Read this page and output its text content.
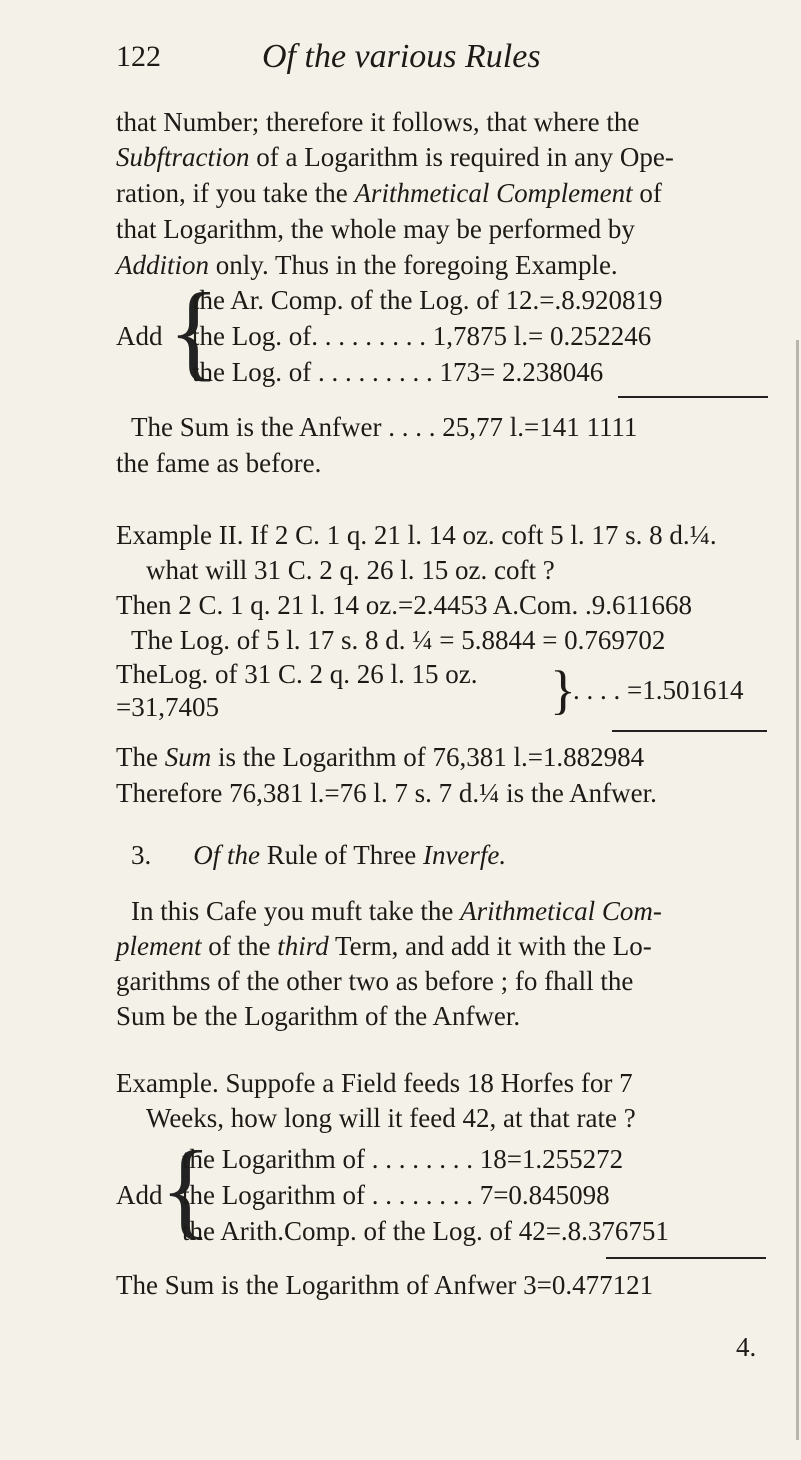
122	Of the various Rules
that Number; therefore it follows, that where the
Subftraction of a Logarithm is required in any Ope-
ration, if you take the Arithmetical Complement of
that Logarithm, the whole may be performed by
Addition only. Thus in the foregoing Example.
Add {
the Ar. Comp. of the Log. of 12.=.8.920819
the Log. of. . . . . . . . . 1,7875 l.= 0.252246
the Log. of . . . . . . . . . 173= 2.238046
The Sum is the Anfwer . . . . 25,77 l.=141 1111
the fame as before.
Example II. If 2 C. 1 q. 21 l. 14 oz. coft 5 l. 17 s. 8 d.¼.
what will 31 C. 2 q. 26 l. 15 oz. coft ?
Then 2 C. 1 q. 21 l. 14 oz.=2.4453 A.Com. .9.611668
The Log. of 5 l. 17 s. 8 d. ¼ = 5.8844 = 0.769702
TheLog. of 31 C. 2 q. 26 l. 15 oz.
=31,7405	}
. . . . =1.501614
The Sum is the Logarithm of 76,381 l.=1.882984
Therefore 76,381 l.=76 l. 7 s. 7 d.¼ is the Anfwer.
3. Of the Rule of Three Inverfe.
In this Cafe you muft take the Arithmetical Com-
plement of the third Term, and add it with the Lo-
garithms of the other two as before ; fo fhall the
Sum be the Logarithm of the Anfwer.
Example. Suppofe a Field feeds 18 Horfes for 7
Weeks, how long will it feed 42, at that rate ?
Add
{
the Logarithm of . . . . . . . . 18=1.255272
the Logarithm of . . . . . . . . 7=0.845098
the Arith.Comp. of the Log. of 42=.8.376751
The Sum is the Logarithm of Anfwer 3=0.477121
4.
